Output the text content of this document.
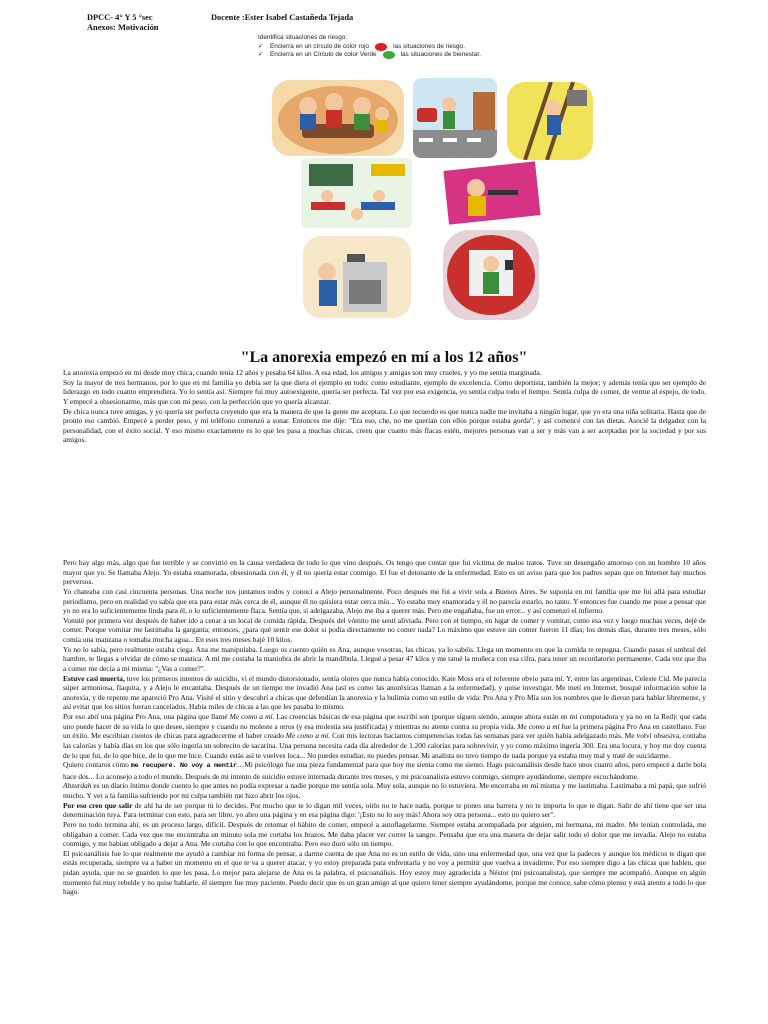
DPCC- 4° Y 5 °sec
Anexos: Motivación
Docente :Ester Isabel Castañeda Tejada
Identifica situaciones de riesgo:
✓	Encierra en un círculo de color rojo	las situaciones de riesgo.
✓	Encierra en un Círculo de color Verde	las situaciones de bienestar.
"La anorexia empezó en mí a los 12 años"

La anorexia empezó en mí desde muy chica, cuando tenía 12 años y pesaba 64 kilos. A esa edad, los amigos y amigas son muy crueles, y yo me sentía marginada.

Soy la mayor de tres hermanos, por lo que en mi familia yo debía ser la que diera el ejemplo en todo: como estudiante, ejemplo de excelencia. Como deportista, también la mejor; y además tenía que ser ejemplo de liderazgo en todo cuanto emprendiera. Yo lo sentía así. Siempre fui muy autoexigente, quería ser perfecta. Tal vez por esa exigencia, yo sentía culpa todo el tiempo. Sentía culpa de comer, de verme al espejo, de todo. Y empecé a obsesionarme, más que con mi peso, con la perfección que yo quería alcanzar.

De chica nunca tuve amigas, y yo quería ser perfecta creyendo que era la manera de que la gente me aceptara. Lo que recuerdo es que nunca nadie me invitaba a ningún lugar, que yo era una niña solitaria. Hasta que de pronto eso cambió. Empecé a perder peso, y mi teléfono comenzó a sonar. Entonces me dije: "Era eso, che, no me querían con ellos porque estaba gorda", y así comencé con las dietas. Asocié la delgadez con la personalidad, con el éxito social. Y eso mismo exactamente es lo que les pasa a muchas chicas, creen que cuanto más flacas estén, mejores personas van a ser y más van a ser aceptadas por la sociedad y por sus amigos.

Pero hay algo más, algo que fue terrible y se convirtió en la causa verdadera de todo lo que vino después. Os tengo que contar que fui víctima de malos tratos. Tuve un desengaño amoroso con un hombre 10 años mayor que yo. Se llamaba Alejo. Yo estaba enamorada, obsesionada con él, y él no quería estar conmigo. El fue el detonante de la enfermedad. Esto es un aviso para que los padres sepan que en Internet hay muchos perversos.

Yo chateaba con casi cincuenta personas. Una noche nos juntamos todos y conocí a Alejo personalmente. Poco después me fui a vivir sola a Buenos Aires. Se suponía en mi familia que me fui allá para estudiar periodismo, pero en realidad yo sabía que era para estar más cerca de él, aunque él no quisiera estar cerca mío... Yo estaba muy enamorada y él no parecía estarlo, no tanto. Y entonces fue cuando me puse a pensar que yo no era lo suficientemente linda para él, o lo suficientemente flaca. Sentía que, si adelgazaba, Alejo me iba a querer más. Pero me engañaba, fue un error... y así comenzó el infierno.

Vomité por primera vez después de haber ido a cenar a un local de comida rápida. Después del vómito me sentí aliviada. Pero con el tiempo, en lugar de comer y vomitar, como esa vez y luego muchas veces, dejé de comer. Porque vomitar me lastimaba la garganta; entonces, ¿para qué sentir ese dolor si podía directamente no comer nada? Lo máximo que estuve sin comer fueron 11 días; los demás días, durante tres meses, sólo comía una manzana o tomaba mucha agua... En esos tres meses bajé 10 kilos.

Yo no lo sabía, pero realmente estaba ciega. Ana me manipulaba. Luego os cuento quién es Ana, aunque vosotras, las chicas, ya lo sabéis. Llega un momento en que la comida te repugna. Cuando pasas el umbral del hambre, te llegas a olvidar de cómo se mastica. A mí me costaba la maniobra de abrir la mandíbula. Llegué a pesar 47 kilos y me tatué la muñeca con esa cifra, para tener un recordatorio permanente. Cada vez que iba a comer me decía a mí misma: "¿Vas a comer?".

Estuve casi muerta, tuve los primeros intentos de suicidio, vi el mundo distorsionado, sentía olores que nunca había conocido. Kate Moss era el referente obvio para mí. Y, entre las argentinas, Celeste Cid. Me parecía súper armoniosa, flaquita, y a Alejo le encantaba. Después de un tiempo me invadió Ana (así es como las anoréxicas llaman a la enfermedad), y quise investigar. Me metí en Internet, busqué información sobre la anorexia, y de repente me apareció Pro Ana. Visité el sitio y descubrí a chicas que defendían la anorexia y la bulimia como un estilo de vida: Pro Ana y Pro Mía son los nombres que le dieron para hablar libremente, y así evitar que los sitios fueran cancelados. Había miles de chicas a las que les pasaba lo mismo.

Por eso abrí una página Pro Ana, una página que llamé Me como a mí. Las creencias básicas de esa página que escribí son (porque siguen siendo, aunque ahora están en mi computadora y ya no en la Red): que cada uno puede hacer de su vida lo que desee, siempre y cuando no moleste a otros (y esa molestia sea justificada) y mientras no atente contra su propia vida. Me como a mí fue la primera página Pro Ana en castellano. Fue un éxito. Me escribían cientos de chicas para agradecerme el haber creado Me como a mí. Con mis lectoras hacíamos competencias todas las semanas para ver quién había adelgazado más. Me volví obsesiva, contaba las calorías y había días en los que sólo ingería un sobrecito de sacarina. Una persona necesita cada día alrededor de 1.200 calorías para sobrevivir, y yo como máximo ingería 300. Era una locura, y hoy me doy cuenta de lo que fui, de lo que hice, de lo que me hice. Cuando estás así te vuelves loca... No puedes estudiar, no puedes pensar. Mi analista no tuvo tiempo de nada porque ya estaba muy mal y traté de suicidarme.

Quiero contaros cómo me recuperé. No voy a mentir…Mi psicólogo fue una pieza fundamental para que hoy me sienta como me siento. Hago psicoanálisis desde hace unos cuatro años, pero empecé a darle bola hace dos... Lo aconsejo a todo el mundo. Después de mi intento de suicidio estuve internada durante tres meses, y mi psicoanalista estuvo conmigo, siempre ayudándome, siempre escuchándome.

Abzurdah es un diario íntimo donde cuento lo que antes no podía expresar a nadie porque me sentía sola. Muy sola, aunque no lo estuviera. Me encerraba en mí misma y me lastimaba. Lastimaba a mi papá, que sufrió mucho. Y ver a la familia sufriendo por mi culpa también me hizo abrir los ojos.

Por eso creo que salir de ahí ha de ser porque tú lo decides. Por mucho que te lo digan mil veces, oírlo no te hace nada, porque te pones una barrera y no te importa lo que te digan. Salir de ahí tiene que ser una determinación tuya. Para terminar con esto, para ser libre, yo abro una página y en esa página digo: '¡Esto no lo soy más! Ahora soy otra persona... esto no quiero ser".

Pero no todo termina ahí, es un proceso largo, difícil. Después de retomar el hábito de comer, empecé a autoflagelarme. Siempre estaba acompañada por alguien, mi hermana, mi madre. Me tenían controlada, me obligaban a comer. Cada vez que me encontraba un minuto sola me cortaba los brazos. Me daba placer ver correr la sangre. Pensaba que era una manera de dejar salir todo el dolor que me invadía. Alejo no estaba conmigo, y me habían obligado a dejar a Ana. Me cortaba con lo que encontraba. Pero eso duró sólo un tiempo.

El psicoanálisis fue lo que realmente me ayudó a cambiar mi forma de pensar, a darme cuenta de que Ana no es un estilo de vida, sino una enfermedad que, una vez que la padeces y aunque los médicos te digan que estás recuperada, siempre va a haber un momento en el que te va a querer atacar, y yo estoy preparada para enfrentarla y no voy a permitir que vuelva a invadirme. Por eso siempre digo a las chicas que hablen, que pidan ayuda, que no se guarden lo que les pasa. Lo mejor para alejarse de Ana es la palabra, el psicoanálisis. Hoy estoy muy agradecida a Néstor (mi psicoanalista), que siempre me acompañó. Aunque en algún momento fui muy rebelde y no quise hablarle, él siempre fue muy paciente. Puedo decir que es un gran amigo al que quiero tener siempre ayudándome, porque me conoce, sabe cómo pienso y está atento a todo lo que hago.
